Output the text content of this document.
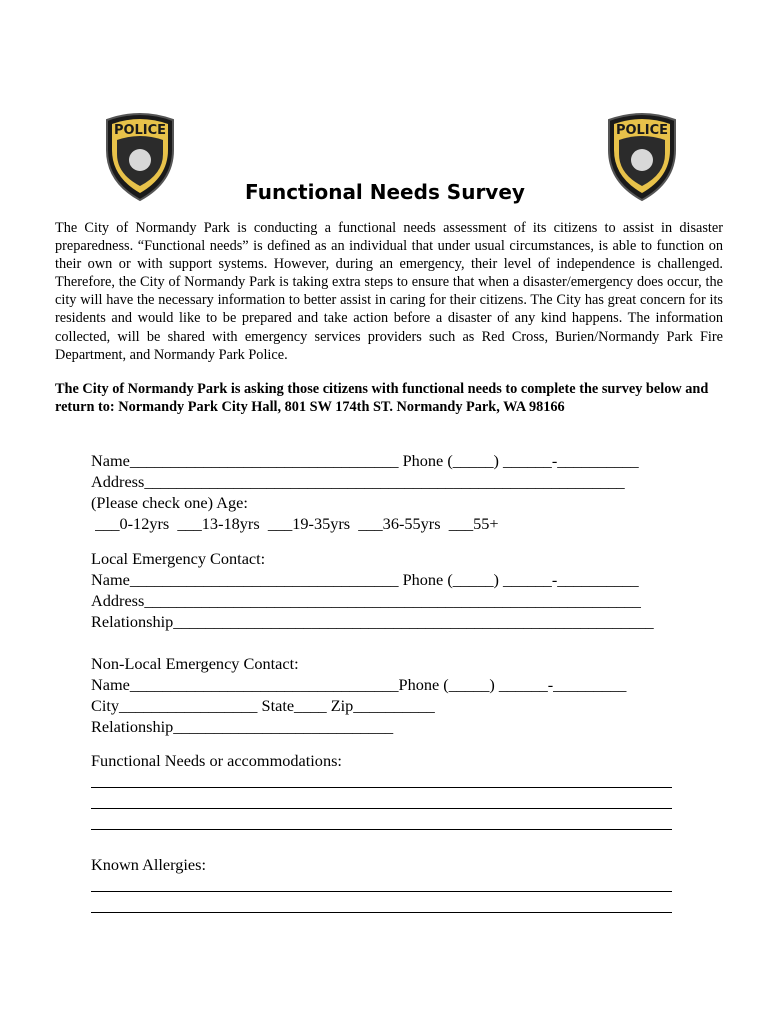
POLICE	POLICE
Functional Needs Survey

The City of Normandy Park is conducting a functional needs assessment of its citizens to assist in disaster preparedness. “Functional needs” is defined as an individual that under usual circumstances, is able to function on their own or with support systems. However, during an emergency, their level of independence is challenged. Therefore, the City of Normandy Park is taking extra steps to ensure that when a disaster/emergency does occur, the city will have the necessary information to better assist in caring for their citizens. The City has great concern for its residents and would like to be prepared and take action before a disaster of any kind happens. The information collected, will be shared with emergency services providers such as Red Cross, Burien/Normandy Park Fire Department, and Normandy Park Police.

The City of Normandy Park is asking those citizens with functional needs to complete the survey below and return to: Normandy Park City Hall, 801 SW 174th ST. Normandy Park, WA 98166

Name_________________________________ Phone (_____) ______-__________
Address___________________________________________________________
(Please check one) Age:
___0-12yrs  ___13-18yrs  ___19-35yrs  ___36-55yrs  ___55+
Local Emergency Contact:
Name_________________________________ Phone (_____) ______-__________
Address_____________________________________________________________
Relationship___________________________________________________________
Non-Local Emergency Contact:
Name_________________________________Phone (_____) ______-_________
City_________________ State____ Zip__________
Relationship___________________________
Functional Needs or accommodations:
Known Allergies:
